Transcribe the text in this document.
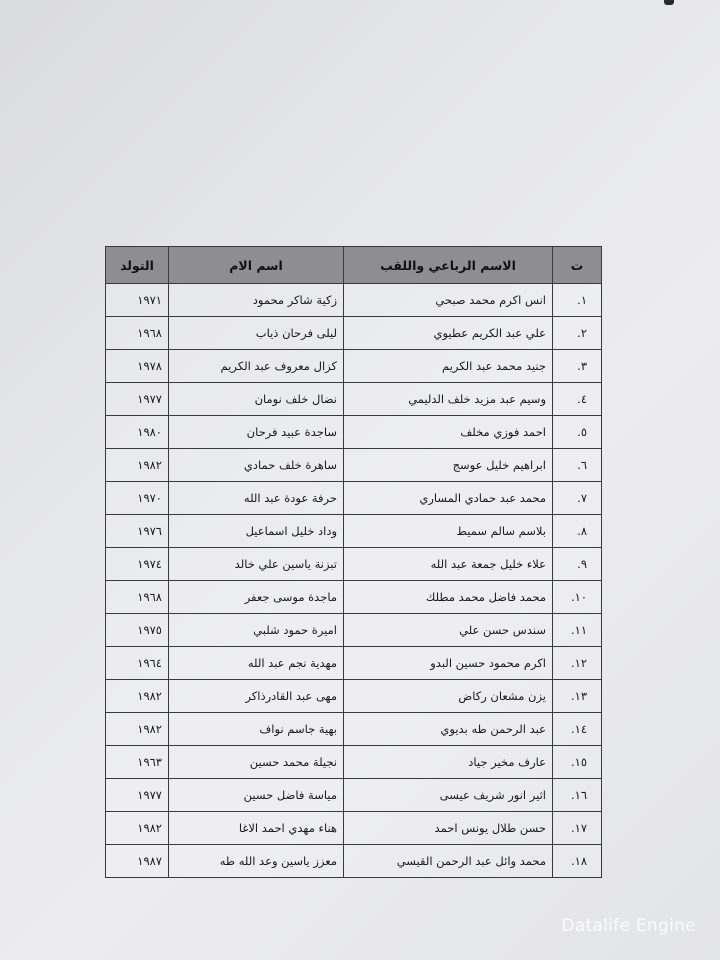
ت	الاسم الرباعي واللقب	اسم الام	التولد
١.	انس اكرم محمد صبحي	زكية شاكر محمود	١٩٧١
٢.	علي عبد الكريم عطيوي	ليلى فرحان ذياب	١٩٦٨
٣.	جنيد محمد عبد الكريم	كزال معروف عبد الكريم	١٩٧٨
٤.	وسيم عبد مزيد خلف الدليمي	نضال خلف نومان	١٩٧٧
٥.	احمد فوزي مخلف	ساجدة عبيد فرحان	١٩٨٠
٦.	ابراهيم خليل عوسج	ساهرة خلف حمادي	١٩٨٢
٧.	محمد عبد حمادي المساري	حرفة عودة عبد الله	١٩٧٠
٨.	بلاسم سالم سميط	وداد خليل اسماعيل	١٩٧٦
٩.	علاء خليل جمعة عبد الله	تبزنة ياسين علي خالد	١٩٧٤
١٠.	محمد فاضل محمد مطلك	ماجدة موسى جعفر	١٩٦٨
١١.	سندس حسن علي	اميرة حمود شلبي	١٩٧٥
١٢.	اكرم محمود حسين البدو	مهدية نجم عبد الله	١٩٦٤
١٣.	يزن مشعان ركاض	مهى عبد القادرذاكر	١٩٨٢
١٤.	عبد الرحمن طه بديوي	بهية جاسم نواف	١٩٨٢
١٥.	عارف مخير جياد	نجيلة محمد حسين	١٩٦٣
١٦.	اثير انور شريف عيسى	مياسة فاضل حسين	١٩٧٧
١٧.	حسن طلال يونس احمد	هناء مهدي احمد الاغا	١٩٨٢
١٨.	محمد وائل عبد الرحمن القيسي	معزز ياسين وعد الله طه	١٩٨٧
Datalife Engine
